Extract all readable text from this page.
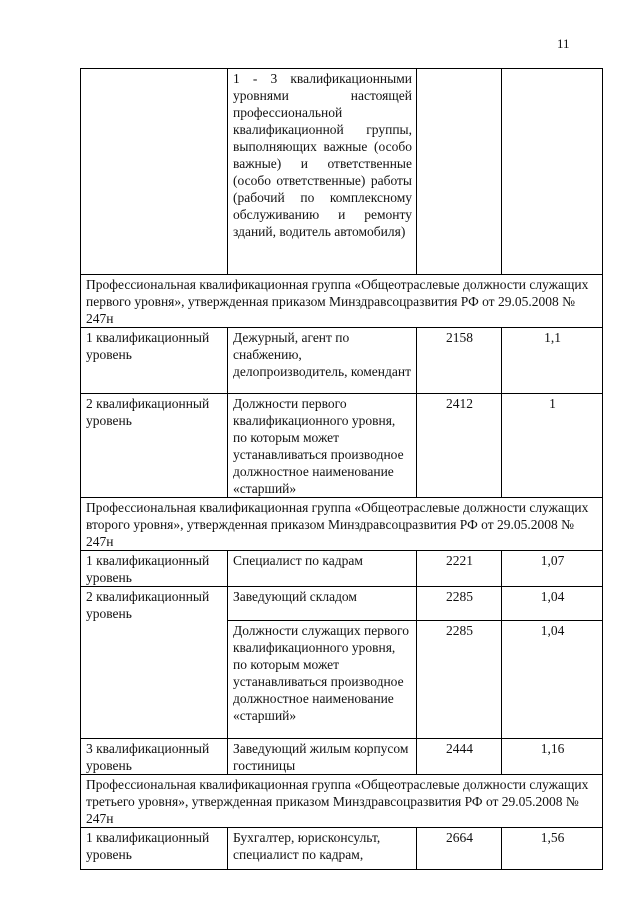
11
	1 - 3 квалификационными уровнями настоящей профессиональной квалификационной группы, выполняющих важные (особо важные) и ответственные (особо ответственные) работы (рабочий по комплексному обслуживанию и ремонту зданий, водитель автомобиля)		
Профессиональная квалификационная группа «Общеотраслевые должности служащих первого уровня», утвержденная приказом Минздравсоцразвития РФ от 29.05.2008 № 247н			
1 квалификационный уровень	Дежурный, агент по снабжению, делопроизводитель, комендант	2158	1,1
2 квалификационный уровень	Должности первого квалификационного уровня, по которым может устанавливаться производное должностное наименование «старший»	2412	1
Профессиональная квалификационная группа «Общеотраслевые должности служащих второго уровня», утвержденная приказом Минздравсоцразвития РФ от 29.05.2008 № 247н			
1 квалификационный уровень	Специалист по кадрам	2221	1,07
2 квалификационный уровень	Заведующий складом	2285	1,04
	Должности служащих первого квалификационного уровня, по которым может устанавливаться производное должностное наименование «старший»	2285	1,04
3 квалификационный уровень	Заведующий жилым корпусом гостиницы	2444	1,16
Профессиональная квалификационная группа «Общеотраслевые должности служащих третьего уровня», утвержденная приказом Минздравсоцразвития РФ от 29.05.2008 № 247н			
1 квалификационный уровень	Бухгалтер, юрисконсульт, специалист по кадрам,	2664	1,56
